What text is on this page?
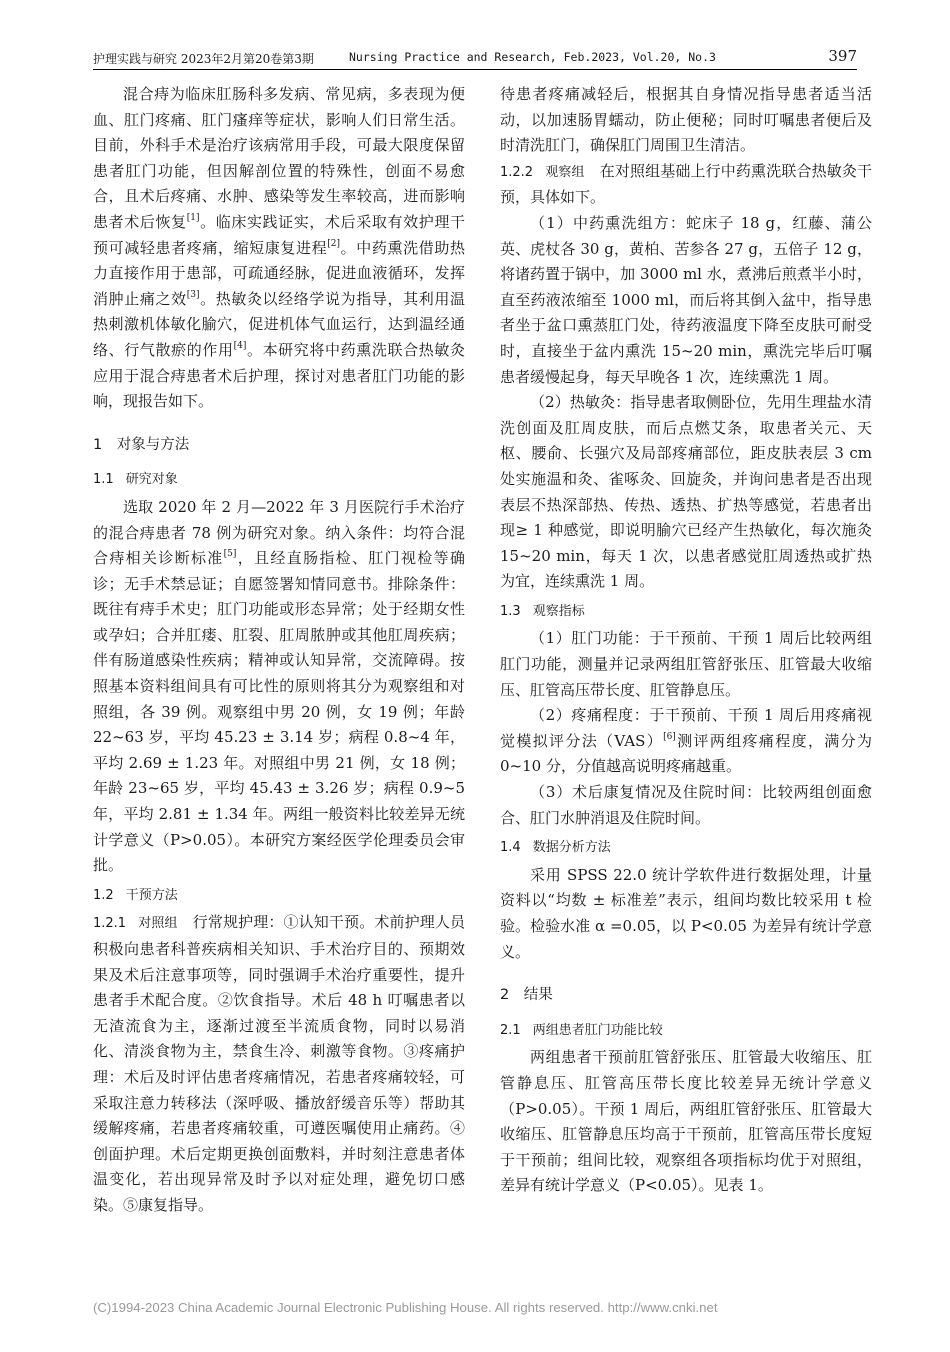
护理实践与研究 2023年2月第20卷第3期	Nursing Practice and Research, Feb.2023, Vol.20, No.3	397

混合痔为临床肛肠科多发病、常见病，多表现为便血、肛门疼痛、肛门瘙痒等症状，影响人们日常生活。目前，外科手术是治疗该病常用手段，可最大限度保留患者肛门功能，但因解剖位置的特殊性，创面不易愈合，且术后疼痛、水肿、感染等发生率较高，进而影响患者术后恢复[1]。临床实践证实，术后采取有效护理干预可减轻患者疼痛，缩短康复进程[2]。中药熏洗借助热力直接作用于患部，可疏通经脉，促进血液循环，发挥消肿止痛之效[3]。热敏灸以经络学说为指导，其利用温热刺激机体敏化腧穴，促进机体气血运行，达到温经通络、行气散瘀的作用[4]。本研究将中药熏洗联合热敏灸应用于混合痔患者术后护理，探讨对患者肛门功能的影响，现报告如下。

1　对象与方法
1.1 研究对象

选取 2020 年 2 月—2022 年 3 月医院行手术治疗的混合痔患者 78 例为研究对象。纳入条件：均符合混合痔相关诊断标准[5]，且经直肠指检、肛门视检等确诊；无手术禁忌证；自愿签署知情同意书。排除条件：既往有痔手术史；肛门功能或形态异常；处于经期女性或孕妇；合并肛瘘、肛裂、肛周脓肿或其他肛周疾病；伴有肠道感染性疾病；精神或认知异常，交流障碍。按照基本资料组间具有可比性的原则将其分为观察组和对照组，各 39 例。观察组中男 20 例，女 19 例；年龄 22~63 岁，平均 45.23 ± 3.14 岁；病程 0.8~4 年，平均 2.69 ± 1.23 年。对照组中男 21 例，女 18 例；年龄 23~65 岁，平均 45.43 ± 3.26 岁；病程 0.9~5 年，平均 2.81 ± 1.34 年。两组一般资料比较差异无统计学意义（P>0.05）。本研究方案经医学伦理委员会审批。

1.2 干预方法

1.2.1 对照组　 行常规护理：①认知干预。术前护理人员积极向患者科普疾病相关知识、手术治疗目的、预期效果及术后注意事项等，同时强调手术治疗重要性，提升患者手术配合度。②饮食指导。术后 48 h 叮嘱患者以无渣流食为主，逐渐过渡至半流质食物，同时以易消化、清淡食物为主，禁食生冷、刺激等食物。③疼痛护理：术后及时评估患者疼痛情况，若患者疼痛较轻，可采取注意力转移法（深呼吸、播放舒缓音乐等）帮助其缓解疼痛，若患者疼痛较重，可遵医嘱使用止痛药。④创面护理。术后定期更换创面敷料，并时刻注意患者体温变化，若出现异常及时予以对症处理，避免切口感染。⑤康复指导。

待患者疼痛减轻后，根据其自身情况指导患者适当活动，以加速肠胃蠕动，防止便秘；同时叮嘱患者便后及时清洗肛门，确保肛门周围卫生清洁。

1.2.2 观察组　 在对照组基础上行中药熏洗联合热敏灸干预，具体如下。

（1）中药熏洗组方：蛇床子 18 g，红藤、蒲公英、虎杖各 30 g，黄柏、苦参各 27 g，五倍子 12 g，将诸药置于锅中，加 3000 ml 水，煮沸后煎煮半小时，直至药液浓缩至 1000 ml，而后将其倒入盆中，指导患者坐于盆口熏蒸肛门处，待药液温度下降至皮肤可耐受时，直接坐于盆内熏洗 15~20 min，熏洗完毕后叮嘱患者缓慢起身，每天早晚各 1 次，连续熏洗 1 周。

（2）热敏灸：指导患者取侧卧位，先用生理盐水清洗创面及肛周皮肤，而后点燃艾条，取患者关元、天枢、腰俞、长强穴及局部疼痛部位，距皮肤表层 3 cm 处实施温和灸、雀啄灸、回旋灸，并询问患者是否出现表层不热深部热、传热、透热、扩热等感觉，若患者出现≥ 1 种感觉，即说明腧穴已经产生热敏化，每次施灸 15~20 min，每天 1 次，以患者感觉肛周透热或扩热为宜，连续熏洗 1 周。

1.3 观察指标

（1）肛门功能：于干预前、干预 1 周后比较两组肛门功能，测量并记录两组肛管舒张压、肛管最大收缩压、肛管高压带长度、肛管静息压。

（2）疼痛程度：于干预前、干预 1 周后用疼痛视觉模拟评分法（VAS）[6]测评两组疼痛程度，满分为 0~10 分，分值越高说明疼痛越重。

（3）术后康复情况及住院时间：比较两组创面愈合、肛门水肿消退及住院时间。

1.4 数据分析方法

采用 SPSS 22.0 统计学软件进行数据处理，计量资料以“均数 ± 标准差”表示，组间均数比较采用 t 检验。检验水准 α =0.05，以 P<0.05 为差异有统计学意义。

2　结果
2.1 两组患者肛门功能比较

两组患者干预前肛管舒张压、肛管最大收缩压、肛管静息压、肛管高压带长度比较差异无统计学意义（P>0.05）。干预 1 周后，两组肛管舒张压、肛管最大收缩压、肛管静息压均高于干预前，肛管高压带长度短于干预前；组间比较，观察组各项指标均优于对照组，差异有统计学意义（P<0.05）。见表 1。

(C)1994-2023 China Academic Journal Electronic Publishing House. All rights reserved. http://www.cnki.net
